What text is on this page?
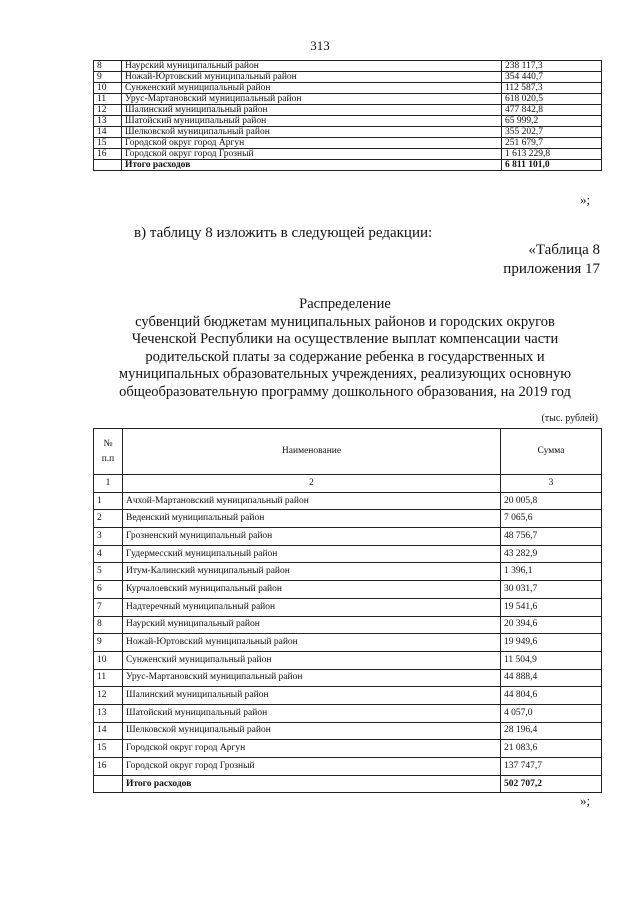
313
8	Наурский муниципальный район	238 117,3
9	Ножай-Юртовский муниципальный район	354 440,7
10	Сунженский муниципальный район	112 587,3
11	Урус-Мартановский муниципальный район	618 020,5
12	Шалинский муниципальный район	477 842,8
13	Шатойский муниципальный район	65 999,2
14	Шелковской муниципальный район	355 202,7
15	Городской округ город Аргун	251 679,7
16	Городской округ город Грозный	1 613 229,8
	Итого расходов	6 811 101,0
»;
в) таблицу 8 изложить в следующей редакции:
«Таблица 8
приложения 17
Распределение
субвенций бюджетам муниципальных районов и городских округов
Чеченской Республики на осуществление выплат компенсации части
родительской платы за содержание ребенка в государственных и
муниципальных образовательных учреждениях, реализующих основную
общеобразовательную программу дошкольного образования, на 2019 год
(тыс. рублей)
№
п.п	Наименование	Сумма
1	2	3
1	Ачхой-Мартановский муниципальный район	20 005,8
2	Веденский муниципальный район	7 065,6
3	Грозненский муниципальный район	48 756,7
4	Гудермесский муниципальный район	43 282,9
5	Итум-Калинский муниципальный район	1 396,1
6	Курчалоевский муниципальный район	30 031,7
7	Надтеречный муниципальный район	19 541,6
8	Наурский муниципальный район	20 394,6
9	Ножай-Юртовский муниципальный район	19 949,6
10	Сунженский муниципальный район	11 504,9
11	Урус-Мартановский муниципальный район	44 888,4
12	Шалинский муниципальный район	44 804,6
13	Шатойский муниципальный район	4 057,0
14	Шелковской муниципальный район	28 196,4
15	Городской округ город Аргун	21 083,6
16	Городской округ город Грозный	137 747,7
	Итого расходов	502 707,2
»;
